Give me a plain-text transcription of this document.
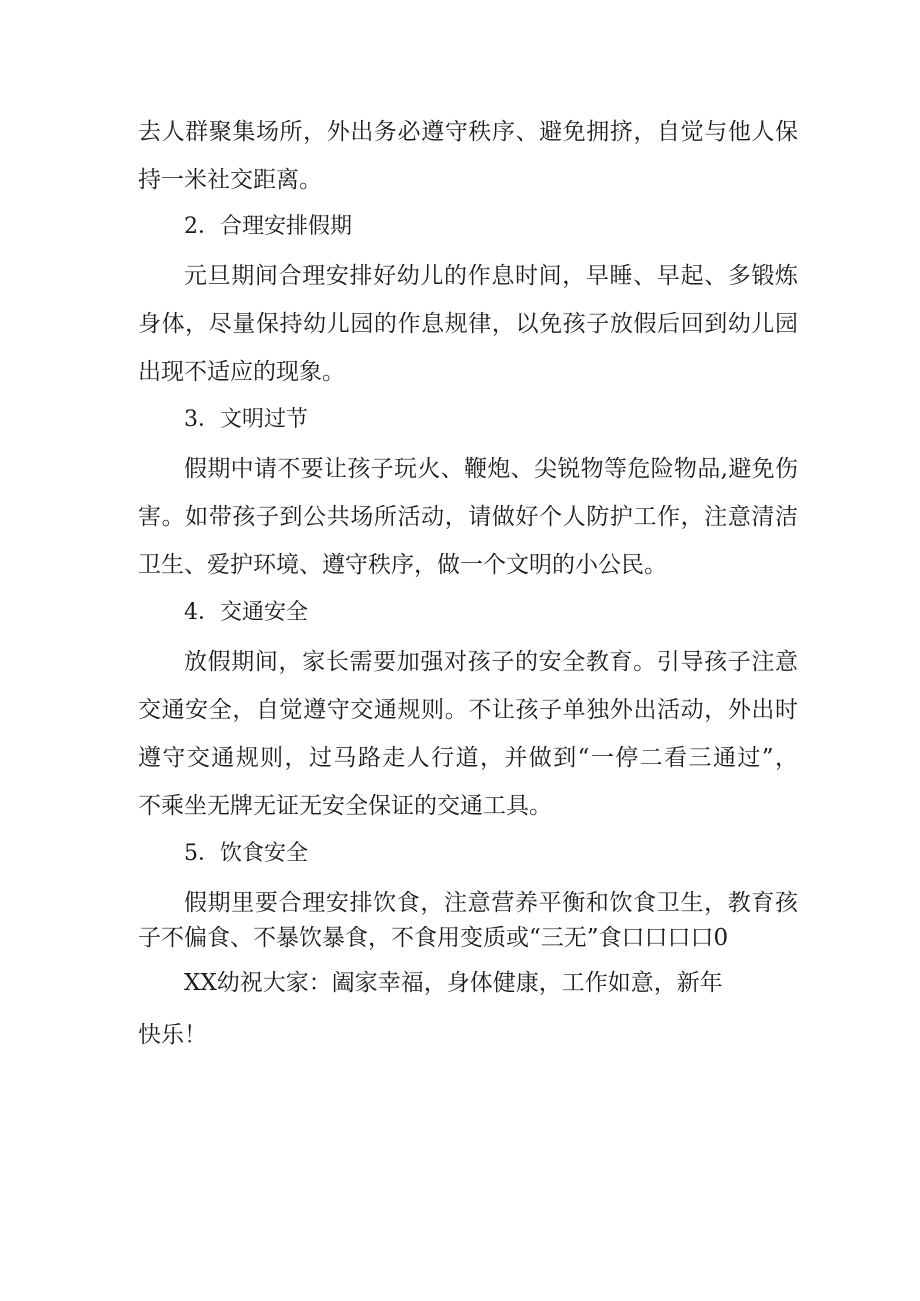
去人群聚集场所，外出务必遵守秩序、避免拥挤，自觉与他人保
持一米社交距离。
2．合理安排假期
元旦期间合理安排好幼儿的作息时间，早睡、早起、多锻炼
身体，尽量保持幼儿园的作息规律，以免孩子放假后回到幼儿园
出现不适应的现象。
3．文明过节
假期中请不要让孩子玩火、鞭炮、尖锐物等危险物品,避免伤
害。如带孩子到公共场所活动，请做好个人防护工作，注意清洁
卫生、爱护环境、遵守秩序，做一个文明的小公民。
4．交通安全
放假期间，家长需要加强对孩子的安全教育。引导孩子注意
交通安全，自觉遵守交通规则。不让孩子单独外出活动，外出时
遵守交通规则，过马路走人行道，并做到“一停二看三通过”，
不乘坐无牌无证无安全保证的交通工具。
5．饮食安全
假期里要合理安排饮食，注意营养平衡和饮食卫生，教育孩
子不偏食、不暴饮暴食，不食用变质或“三无”食口口口口0
XX幼祝大家：阖家幸福，身体健康，工作如意，新年
快乐！
